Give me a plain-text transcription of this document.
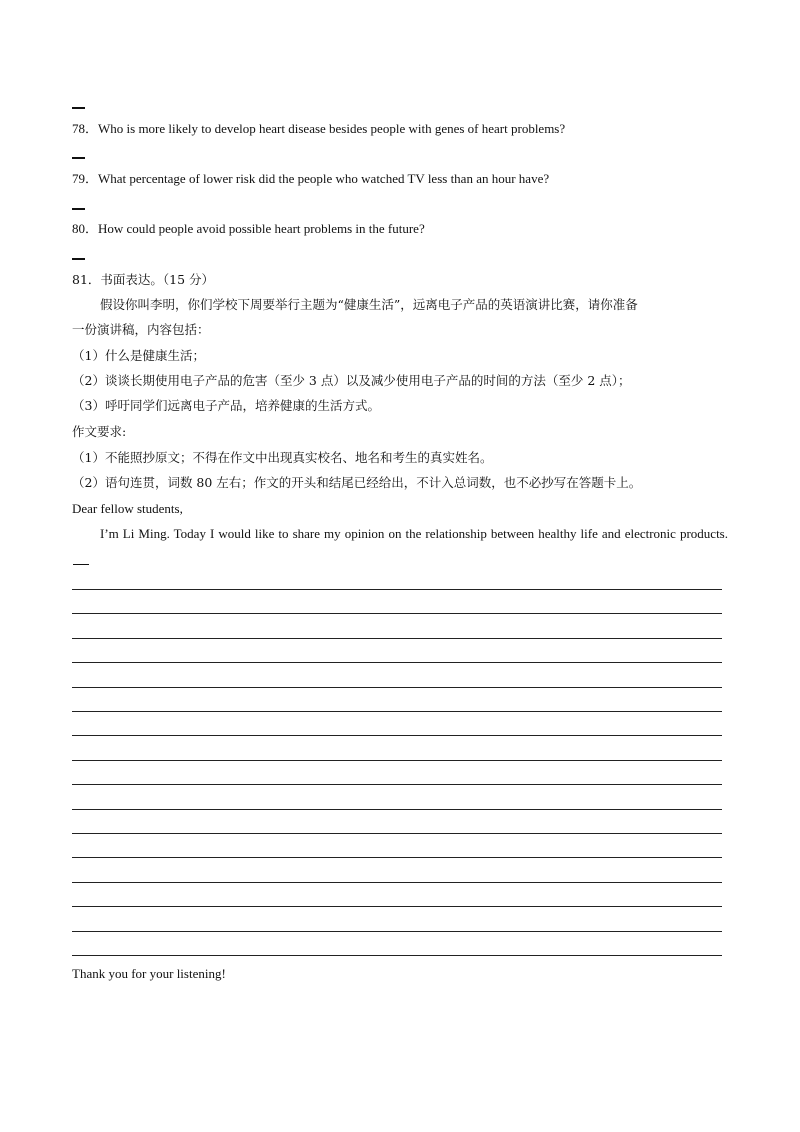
78．Who is more likely to develop heart disease besides people with genes of heart problems?
79．What percentage of lower risk did the people who watched TV less than an hour have?
80．How could people avoid possible heart problems in the future?
81．书面表达。（15 分）
假设你叫李明，你们学校下周要举行主题为“健康生活”，远离电子产品的英语演讲比赛，请你准备
一份演讲稿，内容包括：
（1）什么是健康生活；
（2）谈谈长期使用电子产品的危害（至少 3 点）以及减少使用电子产品的时间的方法（至少 2 点）；
（3）呼吁同学们远离电子产品，培养健康的生活方式。
作文要求:
（1）不能照抄原文；不得在作文中出现真实校名、地名和考生的真实姓名。
（2）语句连贯，词数 80 左右；作文的开头和结尾已经给出，不计入总词数，也不必抄写在答题卡上。
Dear fellow students,
I’m Li Ming. Today I would like to share my opinion on the relationship between healthy life and electronic products.
Thank you for your listening!
